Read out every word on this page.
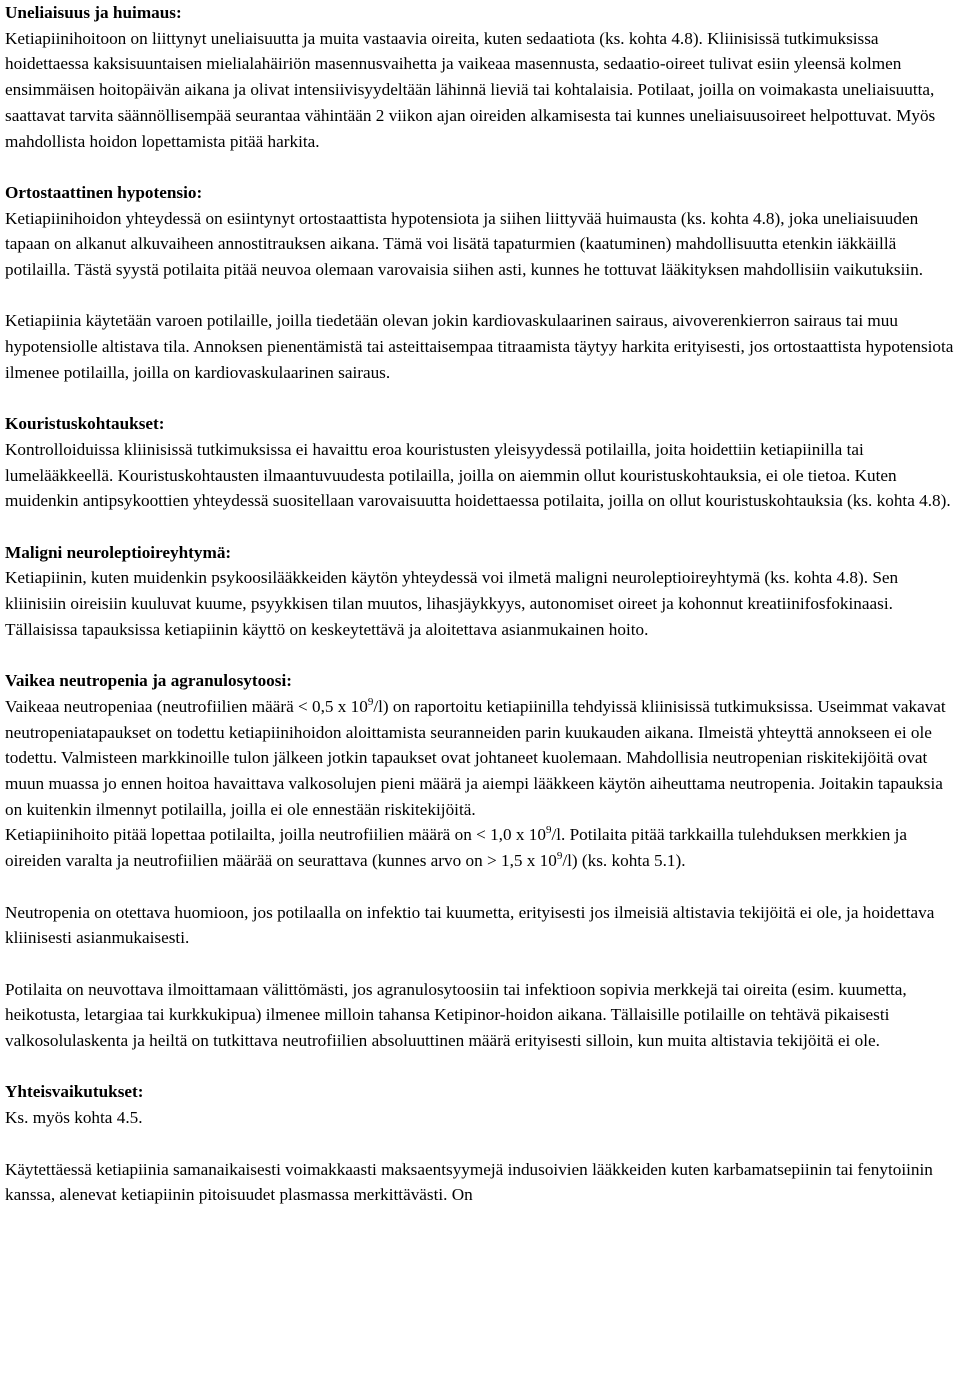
Uneliaisuus ja huimaus:

Ketiapiinihoitoon on liittynyt uneliaisuutta ja muita vastaavia oireita, kuten sedaatiota (ks. kohta 4.8). Kliinisissä tutkimuksissa hoidettaessa kaksisuuntaisen mielialahäiriön masennusvaihetta ja vaikeaa masennusta, sedaatio-oireet tulivat esiin yleensä kolmen ensimmäisen hoitopäivän aikana ja olivat intensiivisyydeltään lähinnä lieviä tai kohtalaisia. Potilaat, joilla on voimakasta uneliaisuutta, saattavat tarvita säännöllisempää seurantaa vähintään 2 viikon ajan oireiden alkamisesta tai kunnes uneliaisuusoireet helpottuvat. Myös mahdollista hoidon lopettamista pitää harkita.

Ortostaattinen hypotensio:

Ketiapiinihoidon yhteydessä on esiintynyt ortostaattista hypotensiota ja siihen liittyvää huimausta (ks. kohta 4.8), joka uneliaisuuden tapaan on alkanut alkuvaiheen annostitrauksen aikana. Tämä voi lisätä tapaturmien (kaatuminen) mahdollisuutta etenkin iäkkäillä potilailla. Tästä syystä potilaita pitää neuvoa olemaan varovaisia siihen asti, kunnes he tottuvat lääkityksen mahdollisiin vaikutuksiin.

Ketiapiinia käytetään varoen potilaille, joilla tiedetään olevan jokin kardiovaskulaarinen sairaus, aivoverenkierron sairaus tai muu hypotensiolle altistava tila. Annoksen pienentämistä tai asteittaisempaa titraamista täytyy harkita erityisesti, jos ortostaattista hypotensiota ilmenee potilailla, joilla on kardiovaskulaarinen sairaus.

Kouristuskohtaukset:

Kontrolloiduissa kliinisissä tutkimuksissa ei havaittu eroa kouristusten yleisyydessä potilailla, joita hoidettiin ketiapiinilla tai lumelääkkeellä. Kouristuskohtausten ilmaantuvuudesta potilailla, joilla on aiemmin ollut kouristuskohtauksia, ei ole tietoa. Kuten muidenkin antipsykoottien yhteydessä suositellaan varovaisuutta hoidettaessa potilaita, joilla on ollut kouristuskohtauksia (ks. kohta 4.8).

Maligni neuroleptioireyhtymä:

Ketiapiinin, kuten muidenkin psykoosilääkkeiden käytön yhteydessä voi ilmetä maligni neuroleptioireyhtymä (ks. kohta 4.8). Sen kliinisiin oireisiin kuuluvat kuume, psyykkisen tilan muutos, lihasjäykkyys, autonomiset oireet ja kohonnut kreatiinifosfokinaasi. Tällaisissa tapauksissa ketiapiinin käyttö on keskeytettävä ja aloitettava asianmukainen hoito.

Vaikea neutropenia ja agranulosytoosi:

Vaikeaa neutropeniaa (neutrofiilien määrä < 0,5 x $10^9/l$) on raportoitu ketiapiinilla tehdyissä kliinisissä tutkimuksissa. Useimmat vakavat neutropeniatapaukset on todettu ketiapiinihoidon aloittamista seuranneiden parin kuukauden aikana. Ilmeistä yhteyttä annokseen ei ole todettu. Valmisteen markkinoille tulon jälkeen jotkin tapaukset ovat johtaneet kuolemaan. Mahdollisia neutropenian riskitekijöitä ovat muun muassa jo ennen hoitoa havaittava valkosolujen pieni määrä ja aiempi lääkkeen käytön aiheuttama neutropenia. Joitakin tapauksia on kuitenkin ilmennyt potilailla, joilla ei ole ennestään riskitekijöitä.

Ketiapiinihoito pitää lopettaa potilailta, joilla neutrofiilien määrä on < 1,0 x $10^9/l$. Potilaita pitää tarkkailla tulehduksen merkkien ja oireiden varalta ja neutrofiilien määrää on seurattava (kunnes arvo on > 1,5 x $10^9/l$) (ks. kohta 5.1).

Neutropenia on otettava huomioon, jos potilaalla on infektio tai kuumetta, erityisesti jos ilmeisiä altistavia tekijöitä ei ole, ja hoidettava kliinisesti asianmukaisesti.

Potilaita on neuvottava ilmoittamaan välittömästi, jos agranulosytoosiin tai infektioon sopivia merkkejä tai oireita (esim. kuumetta, heikotusta, letargiaa tai kurkkukipua) ilmenee milloin tahansa Ketipinor-hoidon aikana. Tällaisille potilaille on tehtävä pikaisesti valkosolulaskenta ja heiltä on tutkittava neutrofiilien absoluuttinen määrä erityisesti silloin, kun muita altistavia tekijöitä ei ole.

Yhteisvaikutukset:

Ks. myös kohta 4.5.

Käytettäessä ketiapiinia samanaikaisesti voimakkaasti maksaentsyymejä indusoivien lääkkeiden kuten karbamatsepiinin tai fenytoiinin kanssa, alenevat ketiapiinin pitoisuudet plasmassa merkittävästi. On
